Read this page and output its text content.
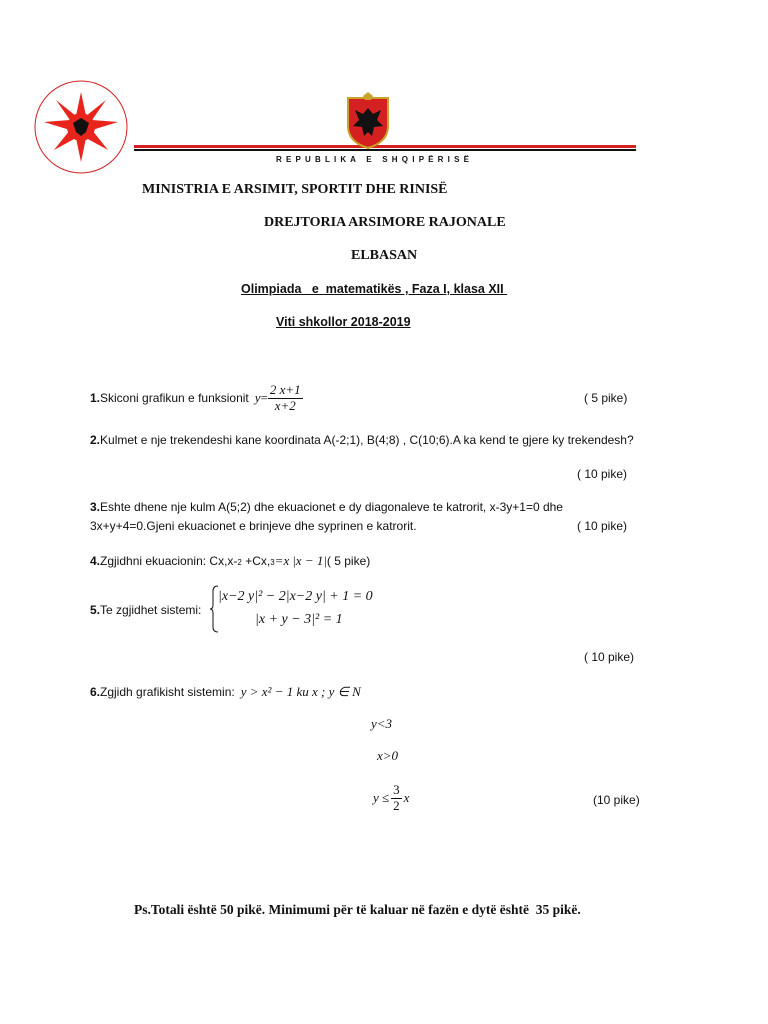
R E P U B L I K A   E   S H Q I P Ë R I S Ë
MINISTRIA E ARSIMIT, SPORTIT DHE RINISË
DREJTORIA ARSIMORE RAJONALE
ELBASAN
Olimpiada   e  matematikës , Faza I, klasa XII
Viti shkollor 2018-2019
1. Skiconi grafikun e funksionit $y = \frac{2 x+1}{x+2}$	( 5 pike)
2.Kulmet e nje trekendeshi kane koordinata A(-2;1), B(4;8) , C(10;6).A ka kend te gjere ky trekendesh?
( 10 pike)
3.Eshte dhene nje kulm A(5;2) dhe ekuacionet e dy diagonaleve te katrorit, x-3y+1=0 dhe
3x+y+4=0.Gjeni ekuacionet e brinjeve dhe syprinen e katrorit.	( 10 pike)
4. Zgjidhni ekuacionin: Cx,x- 2 +Cx, 3 =x | x − 1 | ( 5 pike)
5.Te zgjidhet sistemi:
|x−2 y|² − 2|x−2 y| + 1 = 0
|x + y − 3|² = 1
( 10 pike)
6. Zgjidh grafikisht sistemin: y > x² − 1 ku x ; y ∈ N
y<3
x>0
$y \le \frac{3}{2}$ x	(10 pike)
Ps.Totali është 50 pikë. Minimumi për të kaluar në fazën e dytë është  35 pikë.
